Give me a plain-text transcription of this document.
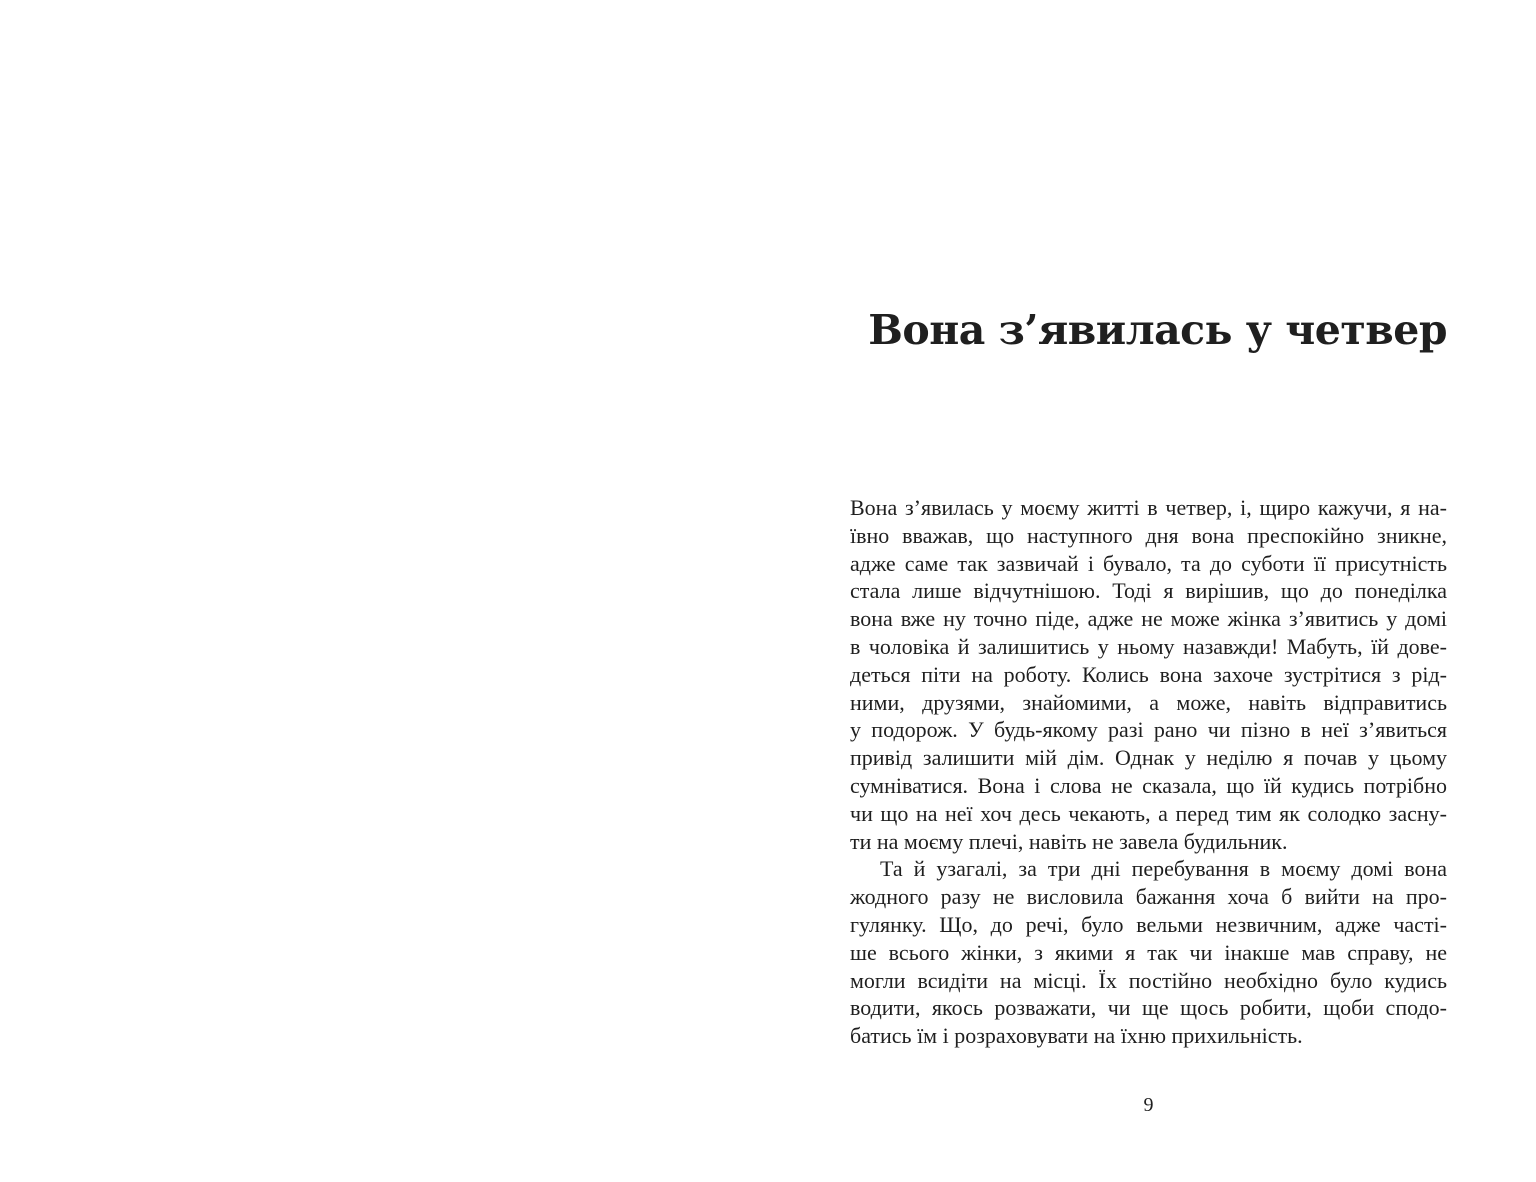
Вона з’явилась у четвер
Вона з’явилась у моєму житті в четвер, і, щиро кажучи, я на-
ївно вважав, що наступного дня вона преспокійно зникне,
адже саме так зазвичай і бувало, та до суботи її присутність
стала лише відчутнішою. Тоді я вирішив, що до понеділка
вона вже ну точно піде, адже не може жінка з’явитись у домі
в чоловіка й залишитись у ньому назавжди! Мабуть, їй дове-
деться піти на роботу. Колись вона захоче зустрітися з рід-
ними, друзями, знайомими, а може, навіть відправитись
у подорож. У будь-якому разі рано чи пізно в неї з’явиться
привід залишити мій дім. Однак у неділю я почав у цьому
сумніватися. Вона і слова не сказала, що їй кудись потрібно
чи що на неї хоч десь чекають, а перед тим як солодко засну-
ти на моєму плечі, навіть не завела будильник.
Та й узагалі, за три дні перебування в моєму домі вона
жодного разу не висловила бажання хоча б вийти на про-
гулянку. Що, до речі, було вельми незвичним, адже часті-
ше всього жінки, з якими я так чи інакше мав справу, не
могли всидіти на місці. Їх постійно необхідно було кудись
водити, якось розважати, чи ще щось робити, щоби сподо-
батись їм і розраховувати на їхню прихильність.
9
